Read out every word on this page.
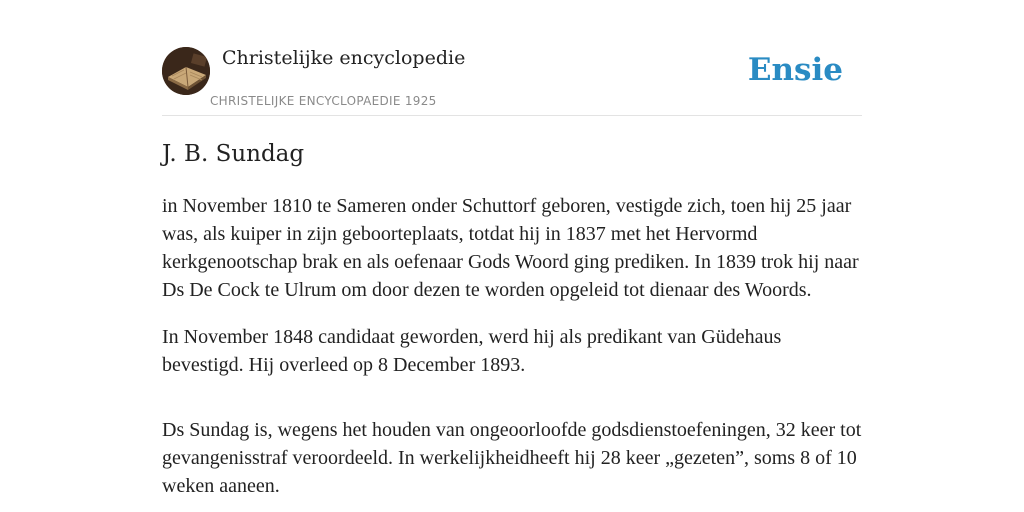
Christelijke encyclopedie
CHRISTELIJKE ENCYCLOPAEDIE 1925
Ensie
J. B. Sundag

in November 1810 te Sameren onder Schuttorf geboren, vestigde zich, toen hij 25 jaar was, als kuiper in zijn geboorteplaats, totdat hij in 1837 met het Hervormd kerkgenootschap brak en als oefenaar Gods Woord ging prediken. In 1839 trok hij naar Ds De Cock te Ulrum om door dezen te worden opgeleid tot dienaar des Woords.

In November 1848 candidaat geworden, werd hij als predikant van Güdehaus bevestigd. Hij overleed op 8 December 1893.

Ds Sundag is, wegens het houden van ongeoorloofde godsdienstoefeningen, 32 keer tot gevangenisstraf veroordeeld. In werkelijkheidheeft hij 28 keer „gezeten”, soms 8 of 10 weken aaneen.
